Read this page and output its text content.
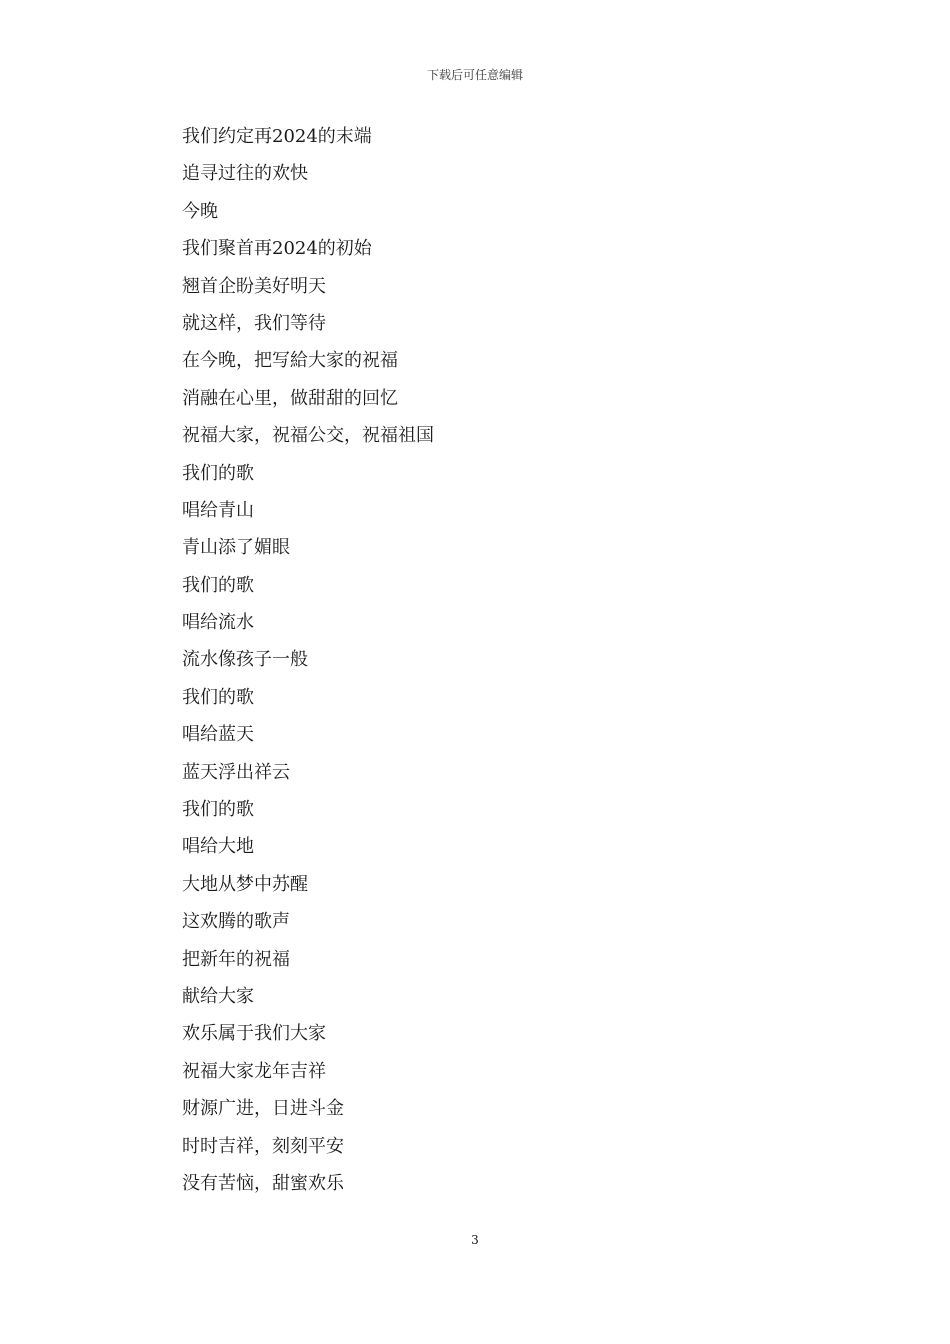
下载后可任意编辑
我们约定再2024的末端
追寻过往的欢快
今晚
我们聚首再2024的初始
翘首企盼美好明天
就这样，我们等待
在今晚，把写給大家的祝福
消融在心里，做甜甜的回忆
祝福大家，祝福公交，祝福祖国
我们的歌
唱给青山
青山添了媚眼
我们的歌
唱给流水
流水像孩子一般
我们的歌
唱给蓝天
蓝天浮出祥云
我们的歌
唱给大地
大地从梦中苏醒
这欢腾的歌声
把新年的祝福
献给大家
欢乐属于我们大家
祝福大家龙年吉祥
财源广进，日进斗金
时时吉祥，刻刻平安
没有苦恼，甜蜜欢乐
3
